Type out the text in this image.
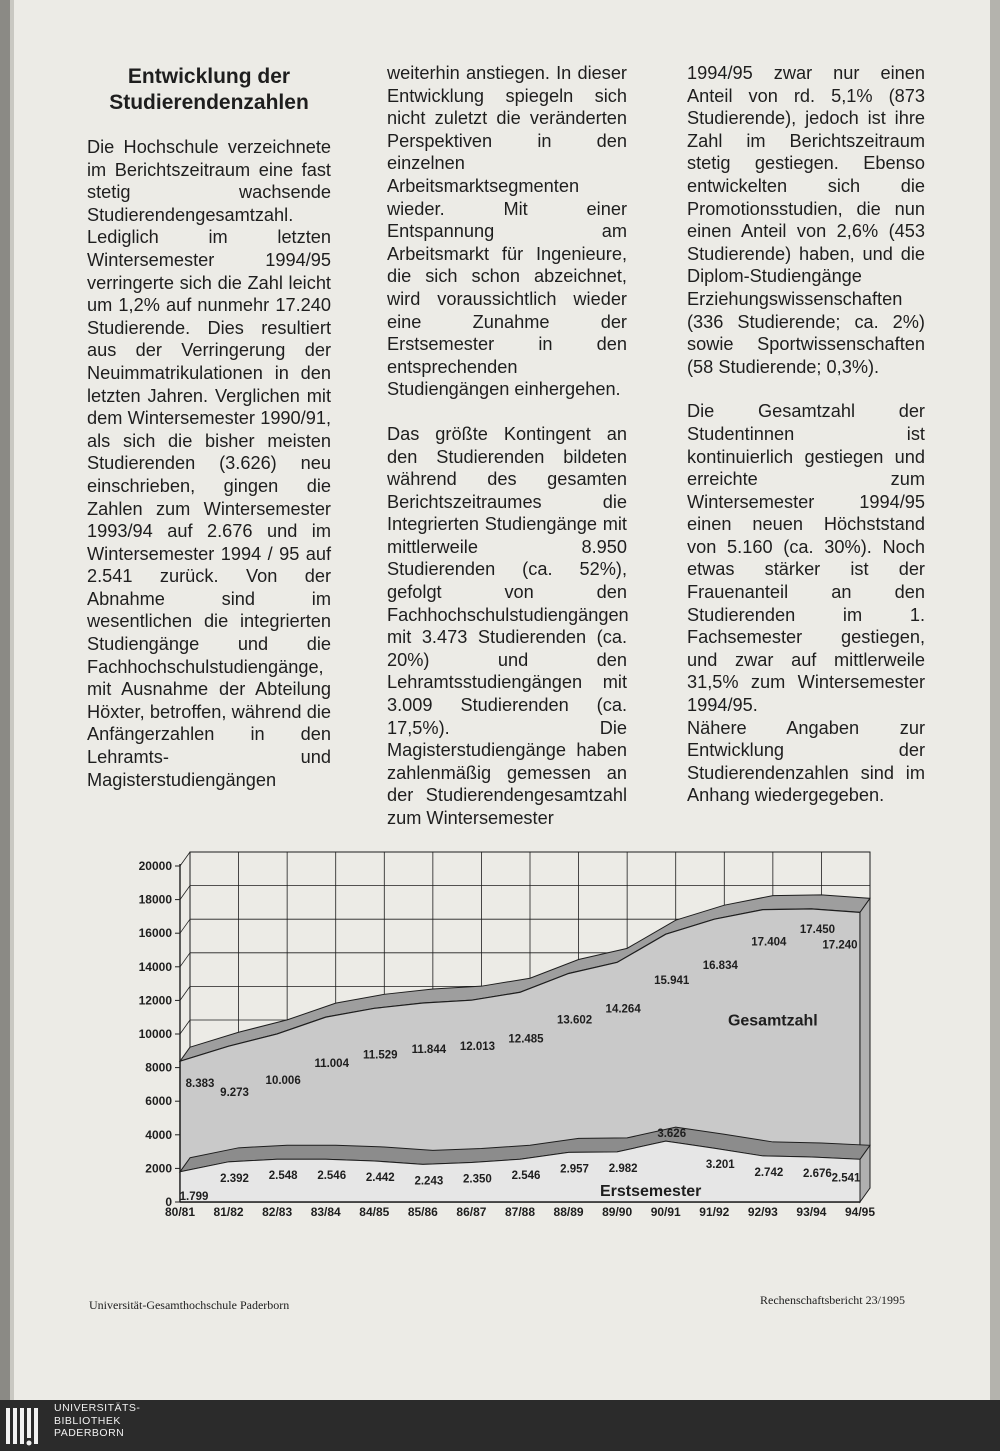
Entwicklung der Studierendenzahlen

Die Hochschule verzeichnete im Berichtszeitraum eine fast stetig wachsende Studierendengesamtzahl. Lediglich im letzten Wintersemester 1994/95 verringerte sich die Zahl leicht um 1,2% auf nunmehr 17.240 Studierende. Dies resultiert aus der Verringerung der Neuimmatrikulationen in den letzten Jahren. Verglichen mit dem Wintersemester 1990/91, als sich die bisher meisten Studierenden (3.626) neu einschrieben, gingen die Zahlen zum Wintersemester 1993/94 auf 2.676 und im Wintersemester 1994 / 95 auf 2.541 zurück. Von der Abnahme sind im wesentlichen die integrierten Studiengänge und die Fachhochschulstudiengänge, mit Ausnahme der Abteilung Höxter, betroffen, während die Anfängerzahlen in den Lehramts- und Magisterstudiengängen

weiterhin anstiegen. In dieser Entwicklung spiegeln sich nicht zuletzt die veränderten Perspektiven in den einzelnen Arbeitsmarktsegmenten wieder. Mit einer Entspannung am Arbeitsmarkt für Ingenieure, die sich schon abzeichnet, wird voraussichtlich wieder eine Zunahme der Erstsemester in den entsprechenden Studiengängen einhergehen.

Das größte Kontingent an den Studierenden bildeten während des gesamten Berichtszeitraumes die Integrierten Studiengänge mit mittlerweile 8.950 Studierenden (ca. 52%), gefolgt von den Fachhochschulstudiengängen mit 3.473 Studierenden (ca. 20%) und den Lehramtsstudiengängen mit 3.009 Studierenden (ca. 17,5%). Die Magisterstudiengänge haben zahlenmäßig gemessen an der Studierendengesamtzahl zum Wintersemester

1994/95 zwar nur einen Anteil von rd. 5,1% (873 Studierende), jedoch ist ihre Zahl im Berichtszeitraum stetig gestiegen. Ebenso entwickelten sich die Promotionsstudien, die nun einen Anteil von 2,6% (453 Studierende) haben, und die Diplom-Studiengänge Erziehungswissenschaften (336 Studierende; ca. 2%) sowie Sportwissenschaften (58 Studierende; 0,3%).

Die Gesamtzahl der Studentinnen ist kontinuierlich gestiegen und erreichte zum Wintersemester 1994/95 einen neuen Höchststand von 5.160 (ca. 30%). Noch etwas stärker ist der Frauenanteil an den Studierenden im 1. Fachsemester gestiegen, und zwar auf mittlerweile 31,5% zum Wintersemester 1994/95.

Nähere Angaben zur Entwicklung der Studierendenzahlen sind im Anhang wiedergegeben.

0
2000
4000
6000
8000
10000
12000
14000
16000
18000
20000
80/81 81/82 82/83 83/84 84/85 85/86 86/87 87/88 88/89 89/90 90/91 91/92 92/93 93/94 94/95
8.383
9.273
10.006
11.004
11.529 11.844 12.013
12.485
13.602
14.264
15.941
16.834
17.404
17.450
17.240
1.799
2.392 2.548 2.546 2.442 2.243 2.350 2.546
2.957 2.982
3.626
3.201
2.742 2.676 2.541
Gesamtzahl
Erstsemester
Universität-Gesamthochschule Paderborn	Rechenschaftsbericht 23/1995
UNIVERSITÄTS-
BIBLIOTHEK
PADERBORN
